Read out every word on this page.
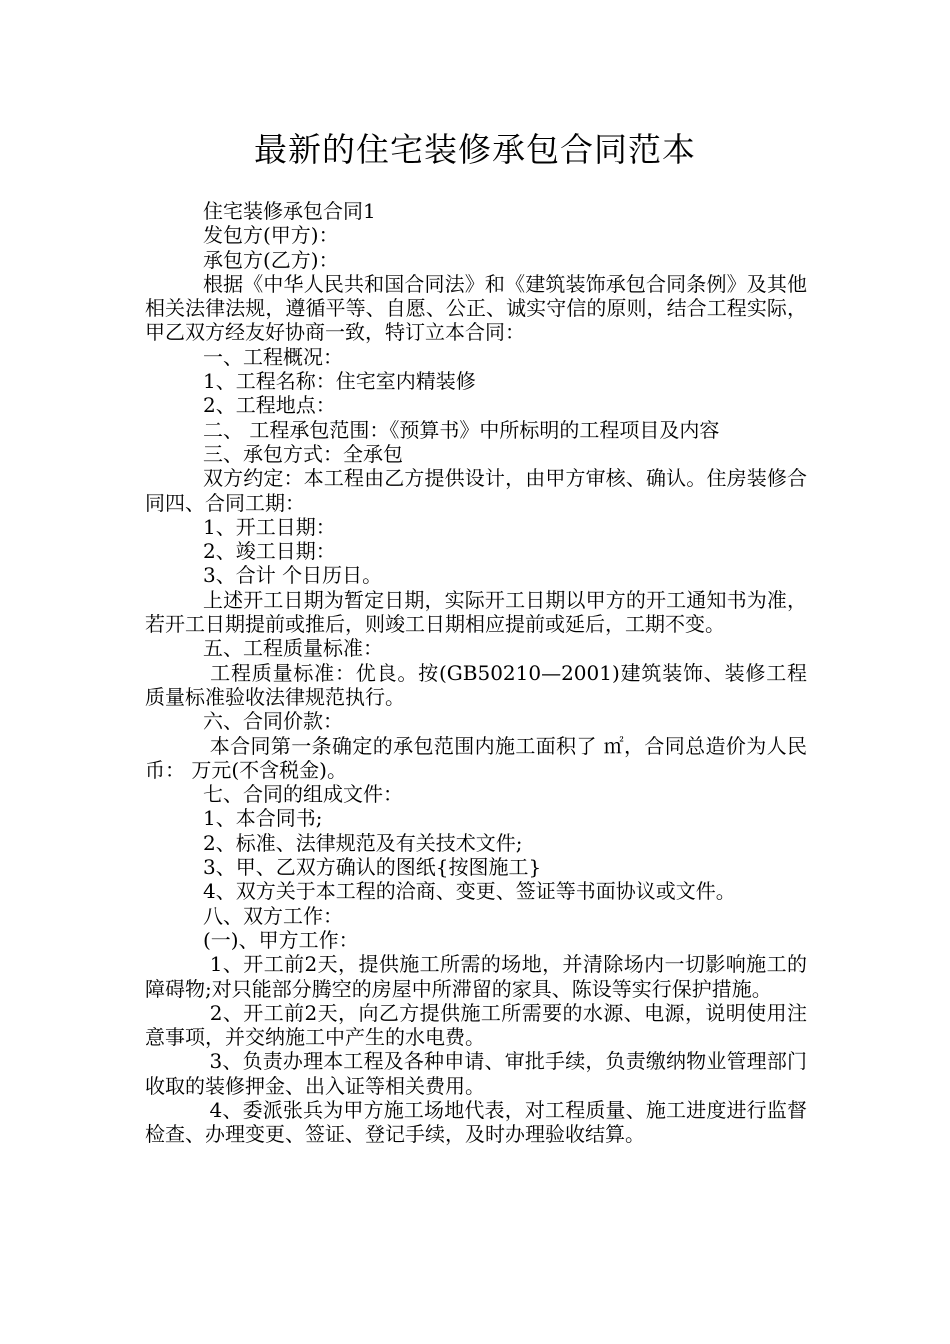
最新的住宅装修承包合同范本

住宅装修承包合同1

发包方(甲方)：

承包方(乙方)：

根据《中华人民共和国合同法》和《建筑装饰承包合同条例》及其他相关法律法规，遵循平等、自愿、公正、诚实守信的原则，结合工程实际，甲乙双方经友好协商一致，特订立本合同：

一、工程概况：

1、工程名称：住宅室内精装修

2、工程地点：

二、 工程承包范围：《预算书》中所标明的工程项目及内容

三、承包方式：全承包

双方约定：本工程由乙方提供设计，由甲方审核、确认。住房装修合同四、合同工期：

1、开工日期：

2、竣工日期：

3、合计 个日历日。

上述开工日期为暂定日期，实际开工日期以甲方的开工通知书为准，若开工日期提前或推后，则竣工日期相应提前或延后，工期不变。

五、工程质量标准：

工程质量标准：优良。按(GB50210—2001)建筑装饰、装修工程质量标准验收法律规范执行。

六、合同价款：

本合同第一条确定的承包范围内施工面积了 ㎡，合同总造价为人民币： 万元(不含税金)。

七、合同的组成文件：

1、本合同书;

2、标准、法律规范及有关技术文件;

3、甲、乙双方确认的图纸{按图施工}

4、双方关于本工程的洽商、变更、签证等书面协议或文件。

八、双方工作：

(一)、甲方工作：

1、开工前2天，提供施工所需的场地，并清除场内一切影响施工的障碍物;对只能部分腾空的房屋中所滞留的家具、陈设等实行保护措施。

2、开工前2天，向乙方提供施工所需要的水源、电源，说明使用注意事项，并交纳施工中产生的水电费。

3、负责办理本工程及各种申请、审批手续，负责缴纳物业管理部门收取的装修押金、出入证等相关费用。

4、委派张兵为甲方施工场地代表，对工程质量、施工进度进行监督检查、办理变更、签证、登记手续，及时办理验收结算。
